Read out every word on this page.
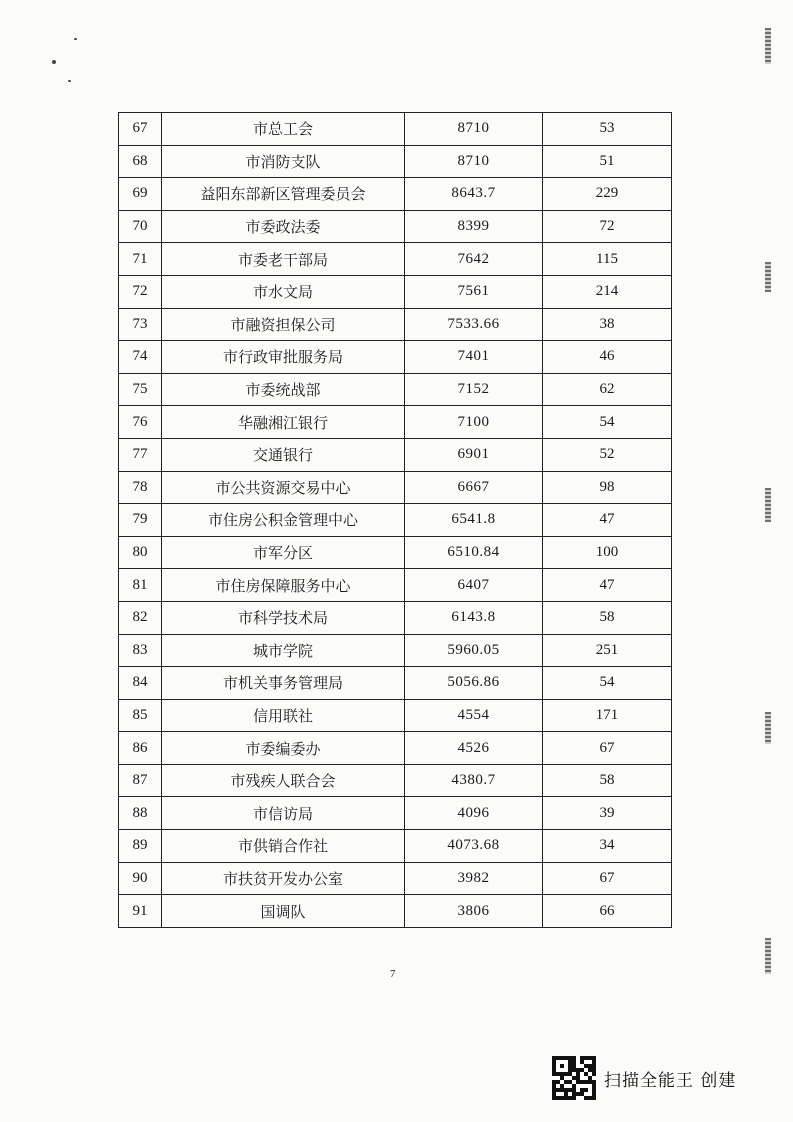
67	市总工会	8710	53
68	市消防支队	8710	51
69	益阳东部新区管理委员会	8643.7	229
70	市委政法委	8399	72
71	市委老干部局	7642	115
72	市水文局	7561	214
73	市融资担保公司	7533.66	38
74	市行政审批服务局	7401	46
75	市委统战部	7152	62
76	华融湘江银行	7100	54
77	交通银行	6901	52
78	市公共资源交易中心	6667	98
79	市住房公积金管理中心	6541.8	47
80	市军分区	6510.84	100
81	市住房保障服务中心	6407	47
82	市科学技术局	6143.8	58
83	城市学院	5960.05	251
84	市机关事务管理局	5056.86	54
85	信用联社	4554	171
86	市委编委办	4526	67
87	市残疾人联合会	4380.7	58
88	市信访局	4096	39
89	市供销合作社	4073.68	34
90	市扶贫开发办公室	3982	67
91	国调队	3806	66
7
扫描全能王 创建
